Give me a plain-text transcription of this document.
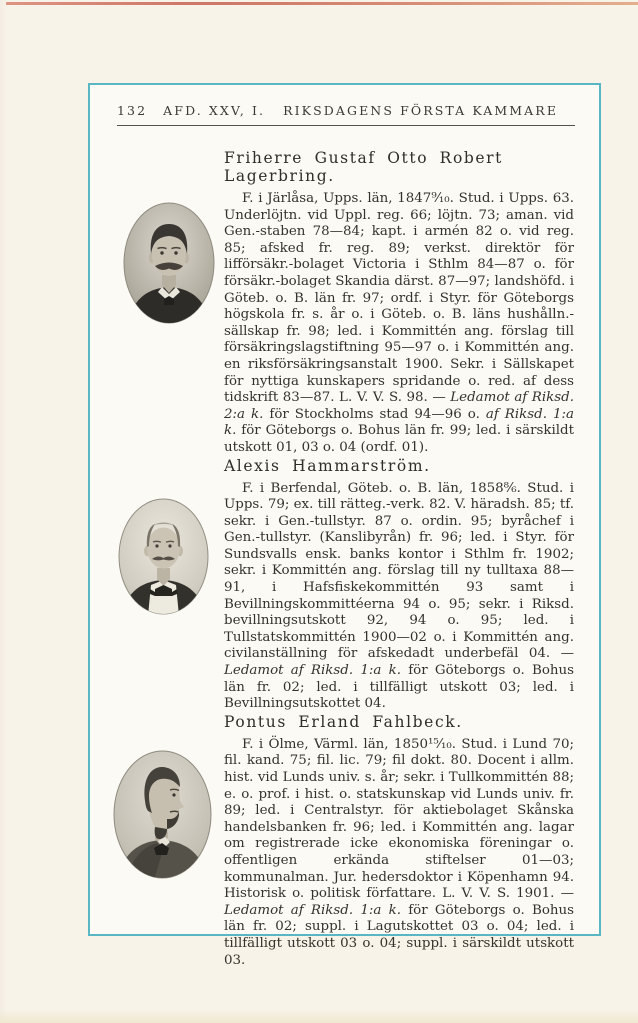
132 AFD. XXV, I. RIKSDAGENS FÖRSTA KAMMARE
Friherre Gustaf Otto Robert Lagerbring.

F. i Järlåsa, Upps. län, 1847⁹⁄₁₀. Stud. i Upps. 63. Underlöjtn. vid Uppl. reg. 66; löjtn. 73; aman. vid Gen.-staben 78—84; kapt. i armén 82 o. vid reg. 85; afsked fr. reg. 89; verkst. direktör för lifförsäkr.-bolaget Victoria i Sthlm 84—87 o. för försäkr.-bolaget Skandia därst. 87—97; landshöfd. i Göteb. o. B. län fr. 97; ordf. i Styr. för Göteborgs högskola fr. s. år o. i Göteb. o. B. läns hushålln.-sällskap fr. 98; led. i Kommittén ang. förslag till försäkringslagstiftning 95—97 o. i Kommittén ang. en riksförsäkringsanstalt 1900. Sekr. i Sällskapet för nyttiga kunskapers spridande o. red. af dess tidskrift 83—87. L. V. V. S. 98. — Ledamot af Riksd. 2:a k. för Stockholms stad 94—96 o. af Riksd. 1:a k. för Göteborgs o. Bohus län fr. 99; led. i särskildt utskott 01, 03 o. 04 (ordf. 01).

Alexis Hammarström.

F. i Berfendal, Göteb. o. B. län, 1858⁸⁄₆. Stud. i Upps. 79; ex. till rätteg.-verk. 82. V. häradsh. 85; tf. sekr. i Gen.-tullstyr. 87 o. ordin. 95; byråchef i Gen.-tullstyr. (Kanslibyrån) fr. 96; led. i Styr. för Sundsvalls ensk. banks kontor i Sthlm fr. 1902; sekr. i Kommittén ang. förslag till ny tulltaxa 88—91, i Hafsfiskekommittén 93 samt i Bevillningskommittéerna 94 o. 95; sekr. i Riksd. bevillningsutskott 92, 94 o. 95; led. i Tullstatskommittén 1900—02 o. i Kommittén ang. civilanställning för afskedadt underbefäl 04. — Ledamot af Riksd. 1:a k. för Göteborgs o. Bohus län fr. 02; led. i tillfälligt utskott 03; led. i Bevillningsutskottet 04.

Pontus Erland Fahlbeck.

F. i Ölme, Värml. län, 1850¹⁵⁄₁₀. Stud. i Lund 70; fil. kand. 75; fil. lic. 79; fil dokt. 80. Docent i allm. hist. vid Lunds univ. s. år; sekr. i Tullkommittén 88; e. o. prof. i hist. o. statskunskap vid Lunds univ. fr. 89; led. i Centralstyr. för aktiebolaget Skånska handelsbanken fr. 96; led. i Kommittén ang. lagar om registrerade icke ekonomiska föreningar o. offentligen erkända stiftelser 01—03; kommunalman. Jur. hedersdoktor i Köpenhamn 94. Historisk o. politisk författare. L. V. V. S. 1901. — Ledamot af Riksd. 1:a k. för Göteborgs o. Bohus län fr. 02; suppl. i Lagutskottet 03 o. 04; led. i tillfälligt utskott 03 o. 04; suppl. i särskildt utskott 03.
